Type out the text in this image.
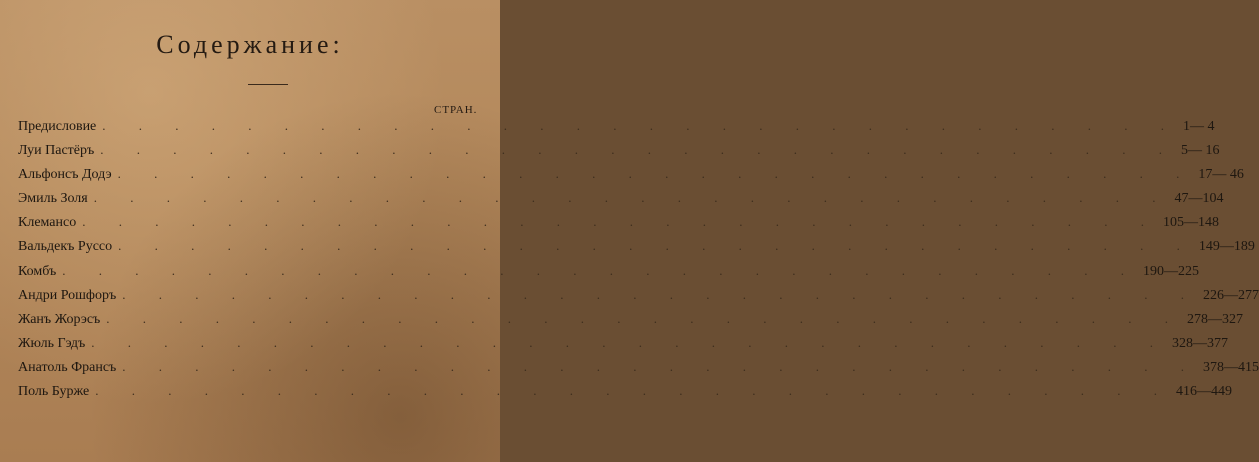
Содержание:
СТРАН.
Предисловие . . . . . . . . . . . . . . . . . . . . . . . . . . . . . . 1— 4
Луи Пастёръ . . . . . . . . . . . . . . . . . . . . . . . . . . . . . . 5— 16
Альфонсъ Додэ . . . . . . . . . . . . . . . . . . . . . . . . . . . . . . 17— 46
Эмиль Золя . . . . . . . . . . . . . . . . . . . . . . . . . . . . . . 47—104
Клемансо . . . . . . . . . . . . . . . . . . . . . . . . . . . . . . 105—148
Вальдекъ Руссо . . . . . . . . . . . . . . . . . . . . . . . . . . . . . . 149—189
Комбъ . . . . . . . . . . . . . . . . . . . . . . . . . . . . . . 190—225
Андри Рошфоръ . . . . . . . . . . . . . . . . . . . . . . . . . . . . . . 226—277
Жанъ Жорэсъ . . . . . . . . . . . . . . . . . . . . . . . . . . . . . . 278—327
Жюль Гэдъ . . . . . . . . . . . . . . . . . . . . . . . . . . . . . . 328—377
Анатоль Франсъ . . . . . . . . . . . . . . . . . . . . . . . . . . . . . . 378—415
Поль Бурже . . . . . . . . . . . . . . . . . . . . . . . . . . . . . . 416—449
